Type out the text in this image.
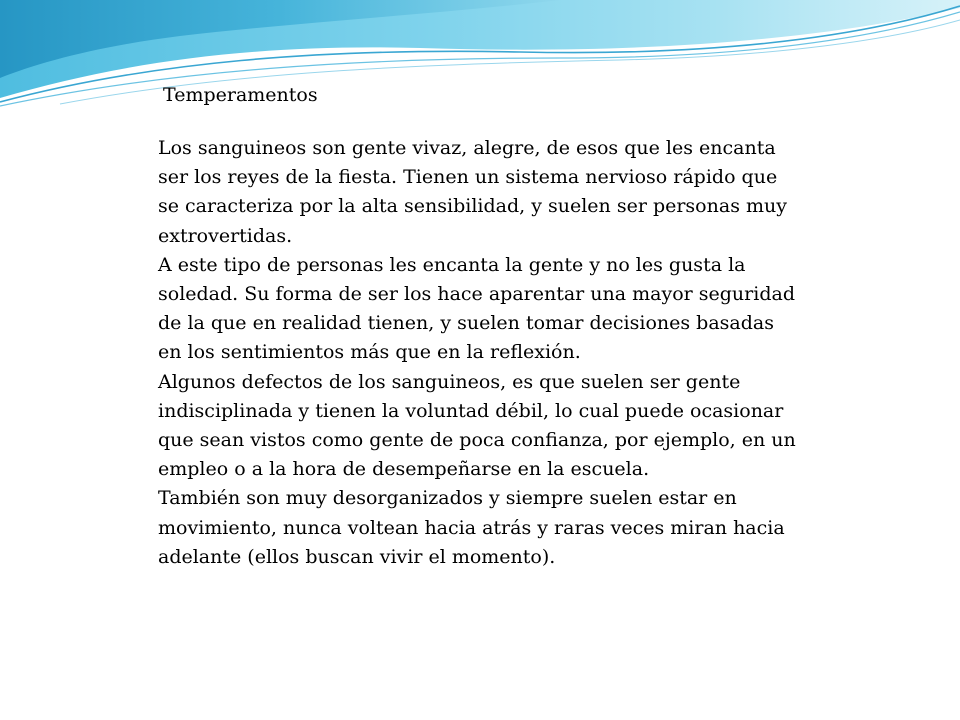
Temperamentos

Los sanguineos son gente vivaz, alegre, de esos que les encanta ser los reyes de la fiesta. Tienen un sistema nervioso rápido que se caracteriza por la alta sensibilidad, y suelen ser personas muy extrovertidas.

A este tipo de personas les encanta la gente y no les gusta la soledad. Su forma de ser los hace aparentar una mayor seguridad de la que en realidad tienen, y suelen tomar decisiones basadas en los sentimientos más que en la reflexión.

Algunos defectos de los sanguineos, es que suelen ser gente indisciplinada y tienen la voluntad débil, lo cual puede ocasionar que sean vistos como gente de poca confianza, por ejemplo, en un empleo o a la hora de desempeñarse en la escuela.

También son muy desorganizados y siempre suelen estar en movimiento, nunca voltean hacia atrás y raras veces miran hacia adelante (ellos buscan vivir el momento).
